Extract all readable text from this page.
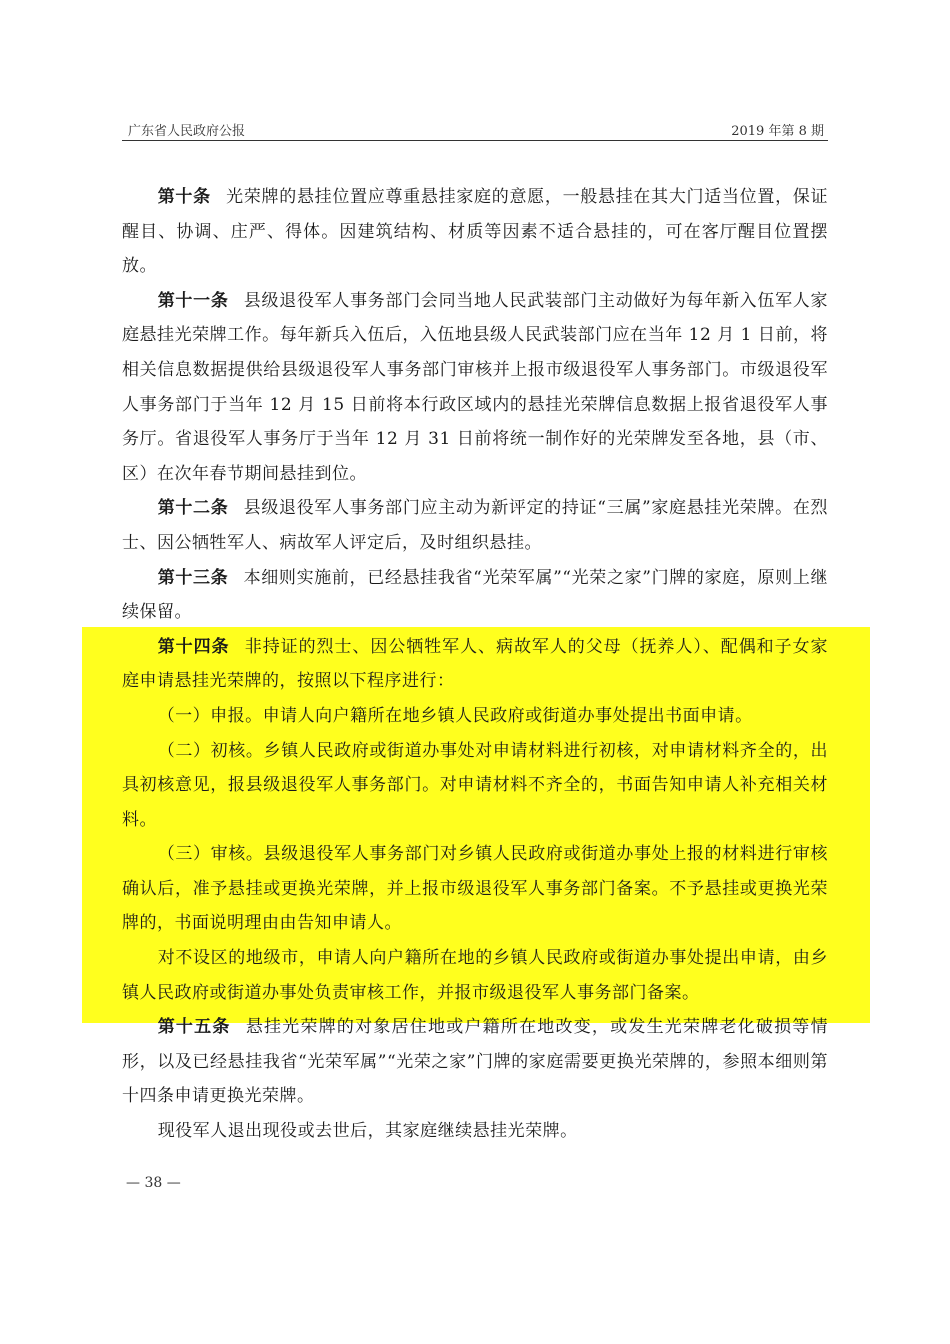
广东省人民政府公报	2019 年第 8 期

第十条 光荣牌的悬挂位置应尊重悬挂家庭的意愿，一般悬挂在其大门适当位置，保证醒目、协调、庄严、得体。因建筑结构、材质等因素不适合悬挂的，可在客厅醒目位置摆放。

第十一条 县级退役军人事务部门会同当地人民武装部门主动做好为每年新入伍军人家庭悬挂光荣牌工作。每年新兵入伍后，入伍地县级人民武装部门应在当年 12 月 1 日前，将相关信息数据提供给县级退役军人事务部门审核并上报市级退役军人事务部门。市级退役军人事务部门于当年 12 月 15 日前将本行政区域内的悬挂光荣牌信息数据上报省退役军人事务厅。省退役军人事务厅于当年 12 月 31 日前将统一制作好的光荣牌发至各地，县（市、区）在次年春节期间悬挂到位。

第十二条 县级退役军人事务部门应主动为新评定的持证“三属”家庭悬挂光荣牌。在烈士、因公牺牲军人、病故军人评定后，及时组织悬挂。

第十三条 本细则实施前，已经悬挂我省“光荣军属”“光荣之家”门牌的家庭，原则上继续保留。

第十四条 非持证的烈士、因公牺牲军人、病故军人的父母（抚养人）、配偶和子女家庭申请悬挂光荣牌的，按照以下程序进行：

（一）申报。申请人向户籍所在地乡镇人民政府或街道办事处提出书面申请。

（二）初核。乡镇人民政府或街道办事处对申请材料进行初核，对申请材料齐全的，出具初核意见，报县级退役军人事务部门。对申请材料不齐全的，书面告知申请人补充相关材料。

（三）审核。县级退役军人事务部门对乡镇人民政府或街道办事处上报的材料进行审核确认后，准予悬挂或更换光荣牌，并上报市级退役军人事务部门备案。不予悬挂或更换光荣牌的，书面说明理由由告知申请人。

对不设区的地级市，申请人向户籍所在地的乡镇人民政府或街道办事处提出申请，由乡镇人民政府或街道办事处负责审核工作，并报市级退役军人事务部门备案。

第十五条 悬挂光荣牌的对象居住地或户籍所在地改变，或发生光荣牌老化破损等情形，以及已经悬挂我省“光荣军属”“光荣之家”门牌的家庭需要更换光荣牌的，参照本细则第十四条申请更换光荣牌。

现役军人退出现役或去世后，其家庭继续悬挂光荣牌。

— 38 —
